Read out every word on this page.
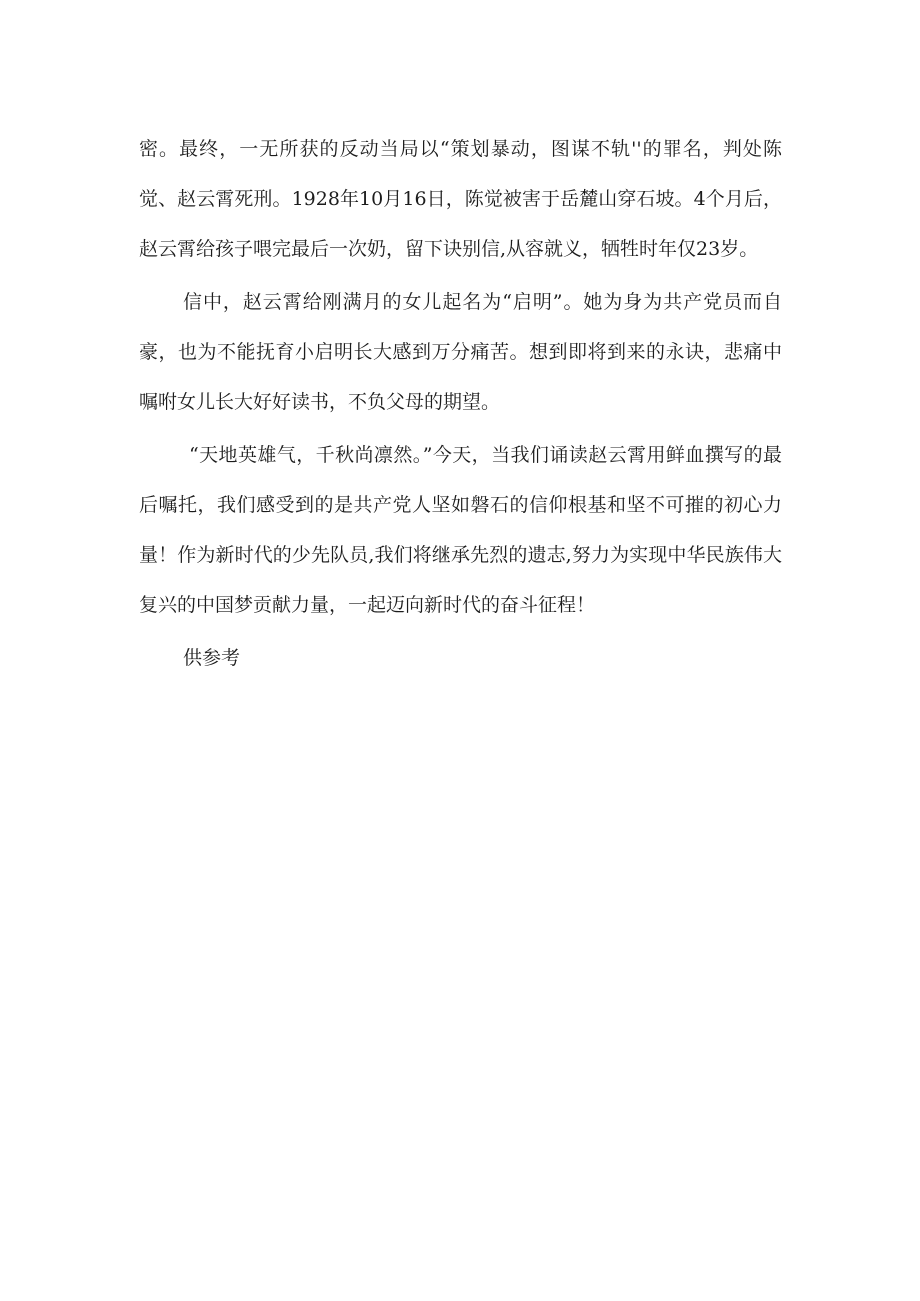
密。最终，一无所获的反动当局以“策划暴动，图谋不轨''的罪名，判处陈觉、赵云霄死刑。1928年10月16日，陈觉被害于岳麓山穿石坡。4个月后，赵云霄给孩子喂完最后一次奶，留下诀别信,从容就义，牺牲时年仅23岁。

信中，赵云霄给刚满月的女儿起名为“启明”。她为身为共产党员而自豪，也为不能抚育小启明长大感到万分痛苦。想到即将到来的永诀，悲痛中嘱咐女儿长大好好读书，不负父母的期望。

“天地英雄气，千秋尚凛然。”今天，当我们诵读赵云霄用鲜血撰写的最后嘱托，我们感受到的是共产党人坚如磐石的信仰根基和坚不可摧的初心力量！作为新时代的少先队员,我们将继承先烈的遗志,努力为实现中华民族伟大复兴的中国梦贡献力量，一起迈向新时代的奋斗征程！

供参考
